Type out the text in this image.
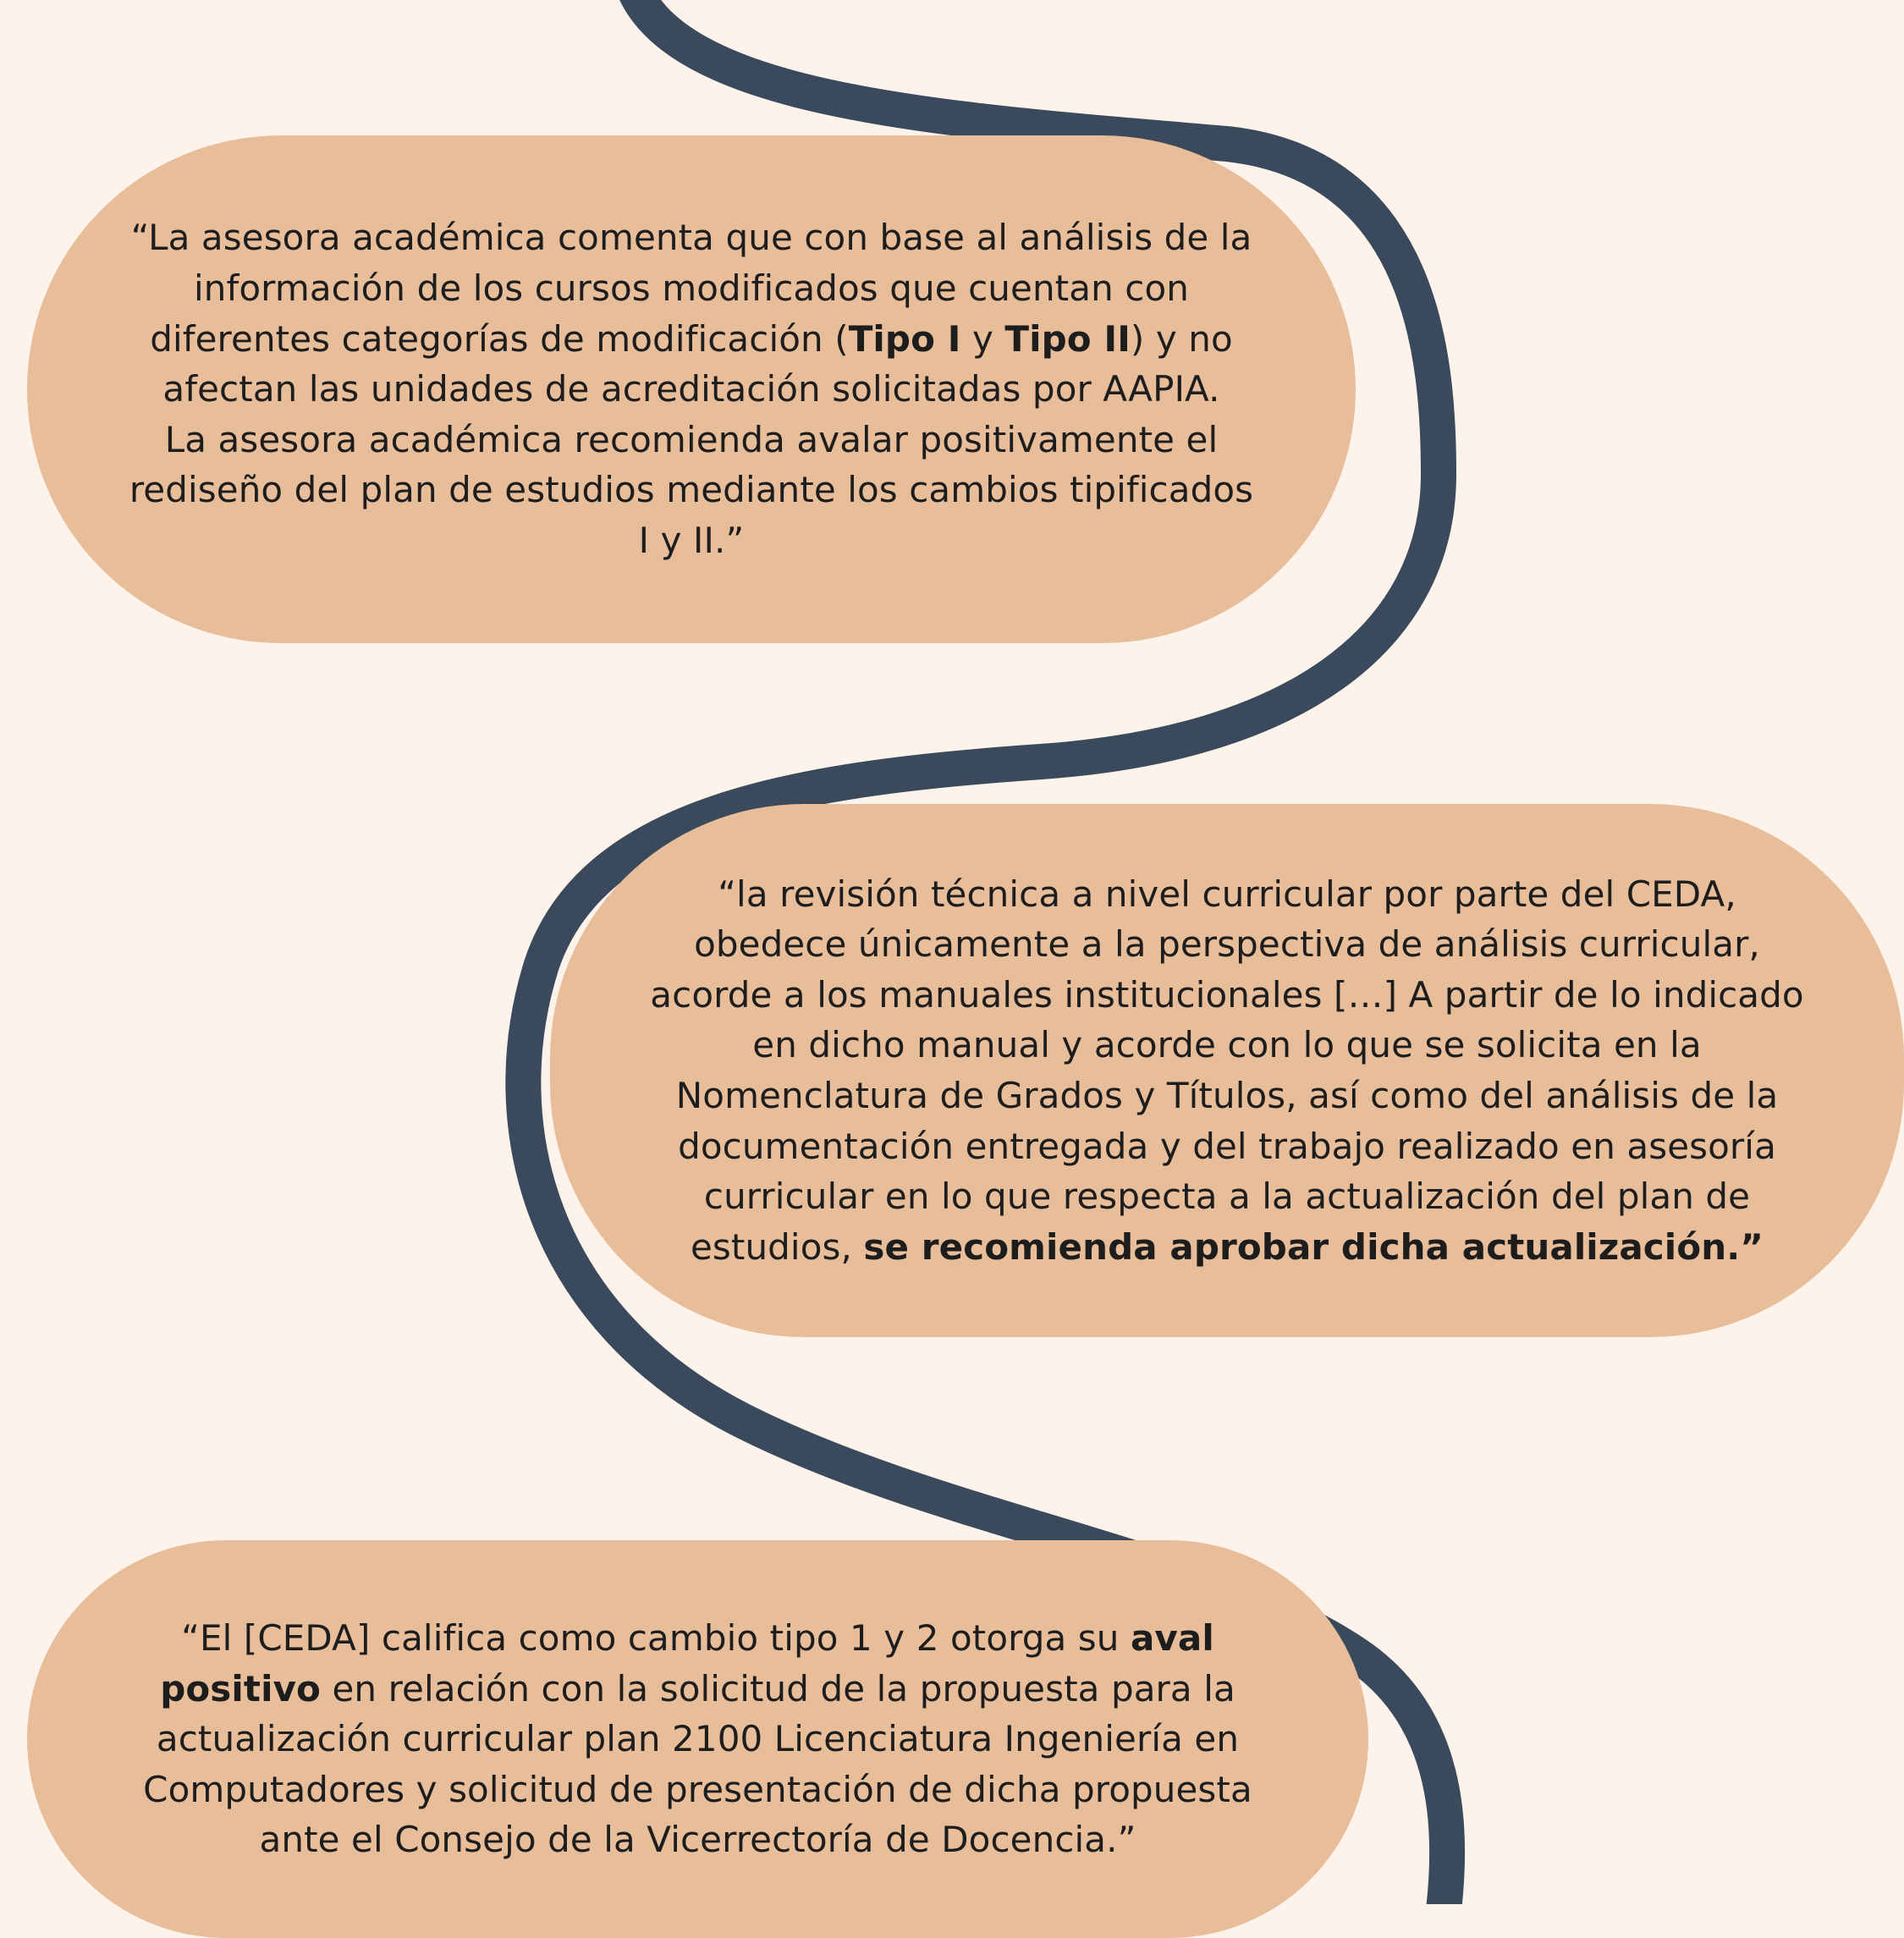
“La asesora académica comenta que con base al análisis de la información de los cursos modificados que cuentan con diferentes categorías de modificación (Tipo I y Tipo II) y no afectan las unidades de acreditación solicitadas por AAPIA.
La asesora académica recomienda avalar positivamente el rediseño del plan de estudios mediante los cambios tipificados I y II.”

“la revisión técnica a nivel curricular por parte del CEDA, obedece únicamente a la perspectiva de análisis curricular, acorde a los manuales institucionales […] A partir de lo indicado en dicho manual y acorde con lo que se solicita en la Nomenclatura de Grados y Títulos, así como del análisis de la documentación entregada y del trabajo realizado en asesoría curricular en lo que respecta a la actualización del plan de estudios, se recomienda aprobar dicha actualización.”

“El [CEDA] califica como cambio tipo 1 y 2 otorga su aval positivo en relación con la solicitud de la propuesta para la actualización curricular plan 2100 Licenciatura Ingeniería en Computadores y solicitud de presentación de dicha propuesta ante el Consejo de la Vicerrectoría de Docencia.”
